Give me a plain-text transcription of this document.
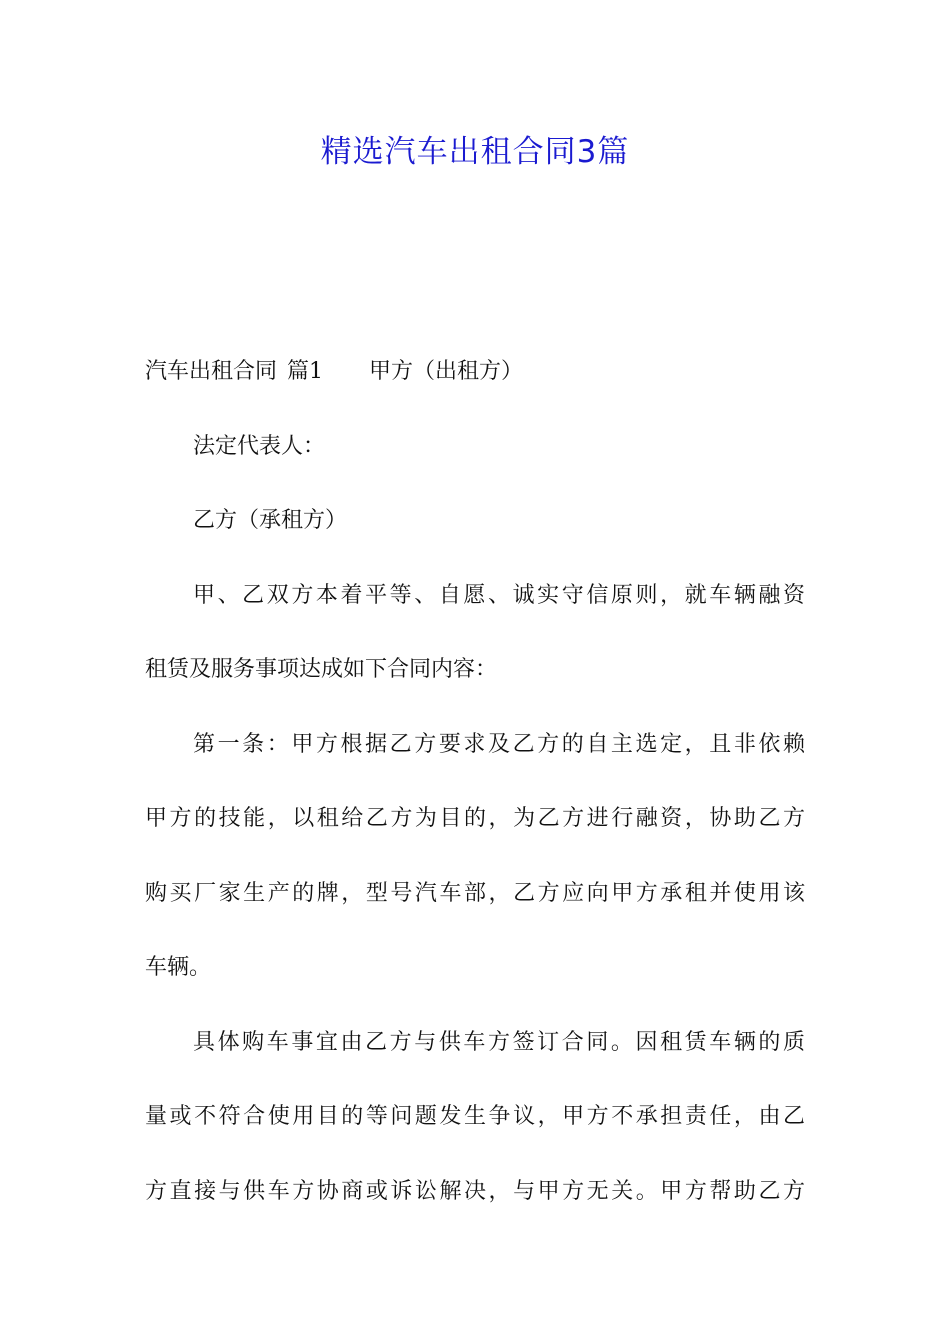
精选汽车出租合同3篇
汽车出租合同 篇1 甲方（出租方）
法定代表人：
乙方（承租方）
甲、乙双方本着平等、自愿、诚实守信原则，就车辆融资
租赁及服务事项达成如下合同内容：
第一条：甲方根据乙方要求及乙方的自主选定，且非依赖
甲方的技能，以租给乙方为目的，为乙方进行融资，协助乙方
购买厂家生产的牌，型号汽车部，乙方应向甲方承租并使用该
车辆。
具体购车事宜由乙方与供车方签订合同。因租赁车辆的质
量或不符合使用目的等问题发生争议，甲方不承担责任，由乙
方直接与供车方协商或诉讼解决，与甲方无关。甲方帮助乙方
